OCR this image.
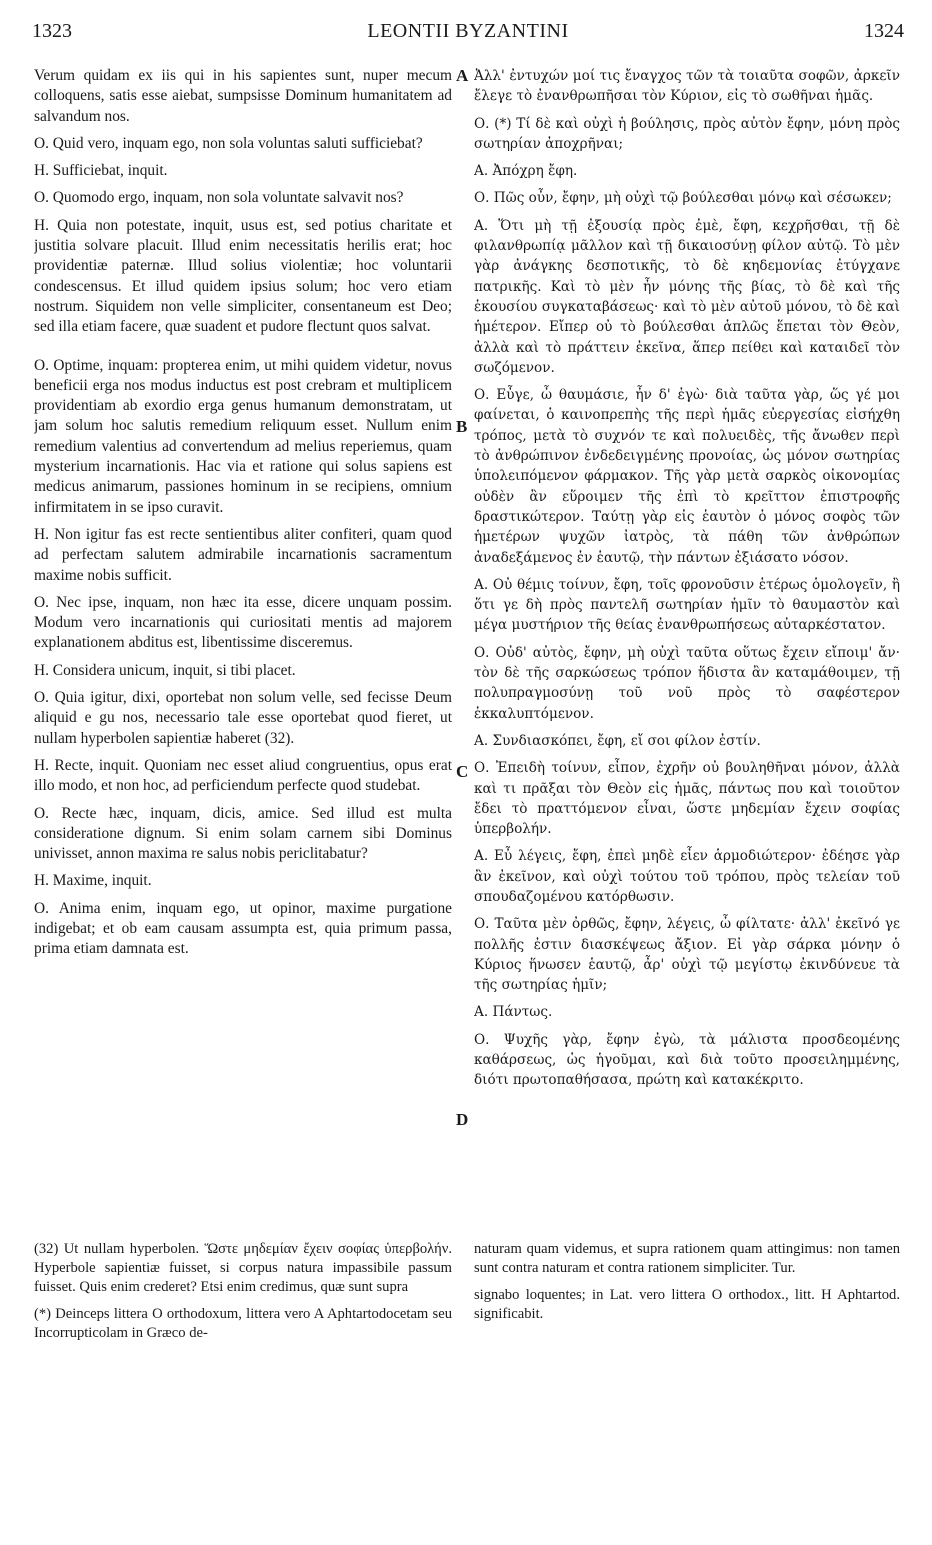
1323	LEONTII BYZANTINI	1324

Verum quidam ex iis qui in his sapientes sunt, nuper mecum colloquens, satis esse aiebat, sumpsisse Dominum humanitatem ad salvandum nos.

O. Quid vero, inquam ego, non sola voluntas saluti sufficiebat?

H. Sufficiebat, inquit.

O. Quomodo ergo, inquam, non sola voluntate salvavit nos?

H. Quia non potestate, inquit, usus est, sed potius charitate et justitia solvare placuit. Illud enim necessitatis herilis erat; hoc providentiæ paternæ. Illud solius violentiæ; hoc voluntarii condescensus. Et illud quidem ipsius solum; hoc vero etiam nostrum. Siquidem non velle simpliciter, consentaneum est Deo; sed illa etiam facere, quæ suadent et pudore flectunt quos salvat.

O. Optime, inquam: propterea enim, ut mihi quidem videtur, novus beneficii erga nos modus inductus est post crebram et multiplicem providentiam ab exordio erga genus humanum demonstratam, ut jam solum hoc salutis remedium reliquum esset. Nullum enim remedium valentius ad convertendum ad melius reperiemus, quam mysterium incarnationis. Hac via et ratione qui solus sapiens est medicus animarum, passiones hominum in se recipiens, omnium infirmitatem in se ipso curavit.

H. Non igitur fas est recte sentientibus aliter confiteri, quam quod ad perfectam salutem admirabile incarnationis sacramentum maxime nobis sufficit.

O. Nec ipse, inquam, non hæc ita esse, dicere unquam possim. Modum vero incarnationis qui curiositati mentis ad majorem explanationem abditus est, libentissime disceremus.

H. Considera unicum, inquit, si tibi placet.

O. Quia igitur, dixi, oportebat non solum velle, sed fecisse Deum aliquid e gu nos, necessario tale esse oportebat quod fieret, ut nullam hyperbolen sapientiæ haberet (32).

H. Recte, inquit. Quoniam nec esset aliud congruentius, opus erat illo modo, et non hoc, ad perficiendum perfecte quod studebat.

O. Recte hæc, inquam, dicis, amice. Sed illud est multa consideratione dignum. Si enim solam carnem sibi Dominus univisset, annon maxima re salus nobis periclitabatur?

H. Maxime, inquit.

O. Anima enim, inquam ego, ut opinor, maxime purgatione indigebat; et ob eam causam assumpta est, quia primum passa, prima etiam damnata est.

A
B
C
D

Ἀλλ' ἐντυχών μοί τις ἔναγχος τῶν τὰ τοιαῦτα σοφῶν, ἀρκεῖν ἔλεγε τὸ ἐνανθρωπῆσαι τὸν Κύριον, εἰς τὸ σωθῆναι ἡμᾶς.

Ο. (*) Τί δὲ καὶ οὐχὶ ἡ βούλησις, πρὸς αὐτὸν ἔφην, μόνη πρὸς σωτηρίαν ἀποχρῆναι;

Α. Ἀπόχρη ἔφη.

Ο. Πῶς οὖν, ἔφην, μὴ οὐχὶ τῷ βούλεσθαι μόνῳ καὶ σέσωκεν;

Α. Ὅτι μὴ τῇ ἐξουσίᾳ πρὸς ἐμὲ, ἔφη, κεχρῆσθαι, τῇ δὲ φιλανθρωπίᾳ μᾶλλον καὶ τῇ δικαιοσύνῃ φίλον αὐτῷ. Τὸ μὲν γὰρ ἀνάγκης δεσποτικῆς, τὸ δὲ κηδεμονίας ἐτύγχανε πατρικῆς. Καὶ τὸ μὲν ἦν μόνης τῆς βίας, τὸ δὲ καὶ τῆς ἑκουσίου συγκαταβάσεως· καὶ τὸ μὲν αὐτοῦ μόνου, τὸ δὲ καὶ ἡμέτερον. Εἴπερ οὐ τὸ βούλεσθαι ἁπλῶς ἕπεται τὸν Θεὸν, ἀλλὰ καὶ τὸ πράττειν ἐκεῖνα, ἅπερ πείθει καὶ καταιδεῖ τὸν σωζόμενον.

Ο. Εὖγε, ὦ θαυμάσιε, ἦν δ' ἐγὼ· διὰ ταῦτα γὰρ, ὥς γέ μοι φαίνεται, ὁ καινοπρεπὴς τῆς περὶ ἡμᾶς εὐεργεσίας εἰσήχθη τρόπος, μετὰ τὸ συχνόν τε καὶ πολυειδὲς, τῆς ἄνωθεν περὶ τὸ ἀνθρώπινον ἐνδεδειγμένης προνοίας, ὡς μόνον σωτηρίας ὑπολειπόμενον φάρμακον. Τῆς γὰρ μετὰ σαρκὸς οἰκονομίας οὐδὲν ἂν εὕροιμεν τῆς ἐπὶ τὸ κρεῖττον ἐπιστροφῆς δραστικώτερον. Ταύτῃ γὰρ εἰς ἑαυτὸν ὁ μόνος σοφὸς τῶν ἡμετέρων ψυχῶν ἰατρὸς, τὰ πάθη τῶν ἀνθρώπων ἀναδεξάμενος ἐν ἑαυτῷ, τὴν πάντων ἐξιάσατο νόσον.

Α. Οὐ θέμις τοίνυν, ἔφη, τοῖς φρονοῦσιν ἑτέρως ὁμολογεῖν, ἢ ὅτι γε δὴ πρὸς παντελῆ σωτηρίαν ἡμῖν τὸ θαυμαστὸν καὶ μέγα μυστήριον τῆς θείας ἐνανθρωπήσεως αὐταρκέστατον.

Ο. Οὐδ' αὐτὸς, ἔφην, μὴ οὐχὶ ταῦτα οὕτως ἔχειν εἴποιμ' ἄν· τὸν δὲ τῆς σαρκώσεως τρόπον ἥδιστα ἂν καταμάθοιμεν, τῇ πολυπραγμοσύνῃ τοῦ νοῦ πρὸς τὸ σαφέστερον ἐκκαλυπτόμενον.

Α. Συνδιασκόπει, ἔφη, εἴ σοι φίλον ἐστίν.

Ο. Ἐπειδὴ τοίνυν, εἶπον, ἐχρῆν οὐ βουληθῆναι μόνον, ἀλλὰ καὶ τι πρᾶξαι τὸν Θεὸν εἰς ἡμᾶς, πάντως που καὶ τοιοῦτον ἔδει τὸ πραττόμενον εἶναι, ὥστε μηδεμίαν ἔχειν σοφίας ὑπερβολήν.

Α. Εὖ λέγεις, ἔφη, ἐπεὶ μηδὲ εἶεν ἁρμοδιώτερον· ἐδέησε γὰρ ἂν ἐκεῖνον, καὶ οὐχὶ τούτου τοῦ τρόπου, πρὸς τελείαν τοῦ σπουδαζομένου κατόρθωσιν.

Ο. Ταῦτα μὲν ὀρθῶς, ἔφην, λέγεις, ὦ φίλτατε· ἀλλ' ἐκεῖνό γε πολλῆς ἐστιν διασκέψεως ἄξιον. Εἰ γὰρ σάρκα μόνην ὁ Κύριος ἥνωσεν ἑαυτῷ, ἆρ' οὐχὶ τῷ μεγίστῳ ἐκινδύνευε τὰ τῆς σωτηρίας ἡμῖν;

Α. Πάντως.

Ο. Ψυχῆς γὰρ, ἔφην ἐγὼ, τὰ μάλιστα προσδεομένης καθάρσεως, ὡς ἡγοῦμαι, καὶ διὰ τοῦτο προσειλημμένης, διότι πρωτοπαθήσασα, πρώτη καὶ κατακέκριτο.

(32) Ut nullam hyperbolen. Ὥστε μηδεμίαν ἔχειν σοφίας ὑπερβολήν. Hyperbole sapientiæ fuisset, si corpus natura impassibile passum fuisset. Quis enim crederet? Etsi enim credimus, quæ sunt supra

(*) Deinceps littera O orthodoxum, littera vero A Aphtartodocetam seu Incorrupticolam in Græco de-

naturam quam videmus, et supra rationem quam attingimus: non tamen sunt contra naturam et contra rationem simpliciter. Tur.

signabo loquentes; in Lat. vero littera O orthodox., litt. H Aphtartod. significabit.
